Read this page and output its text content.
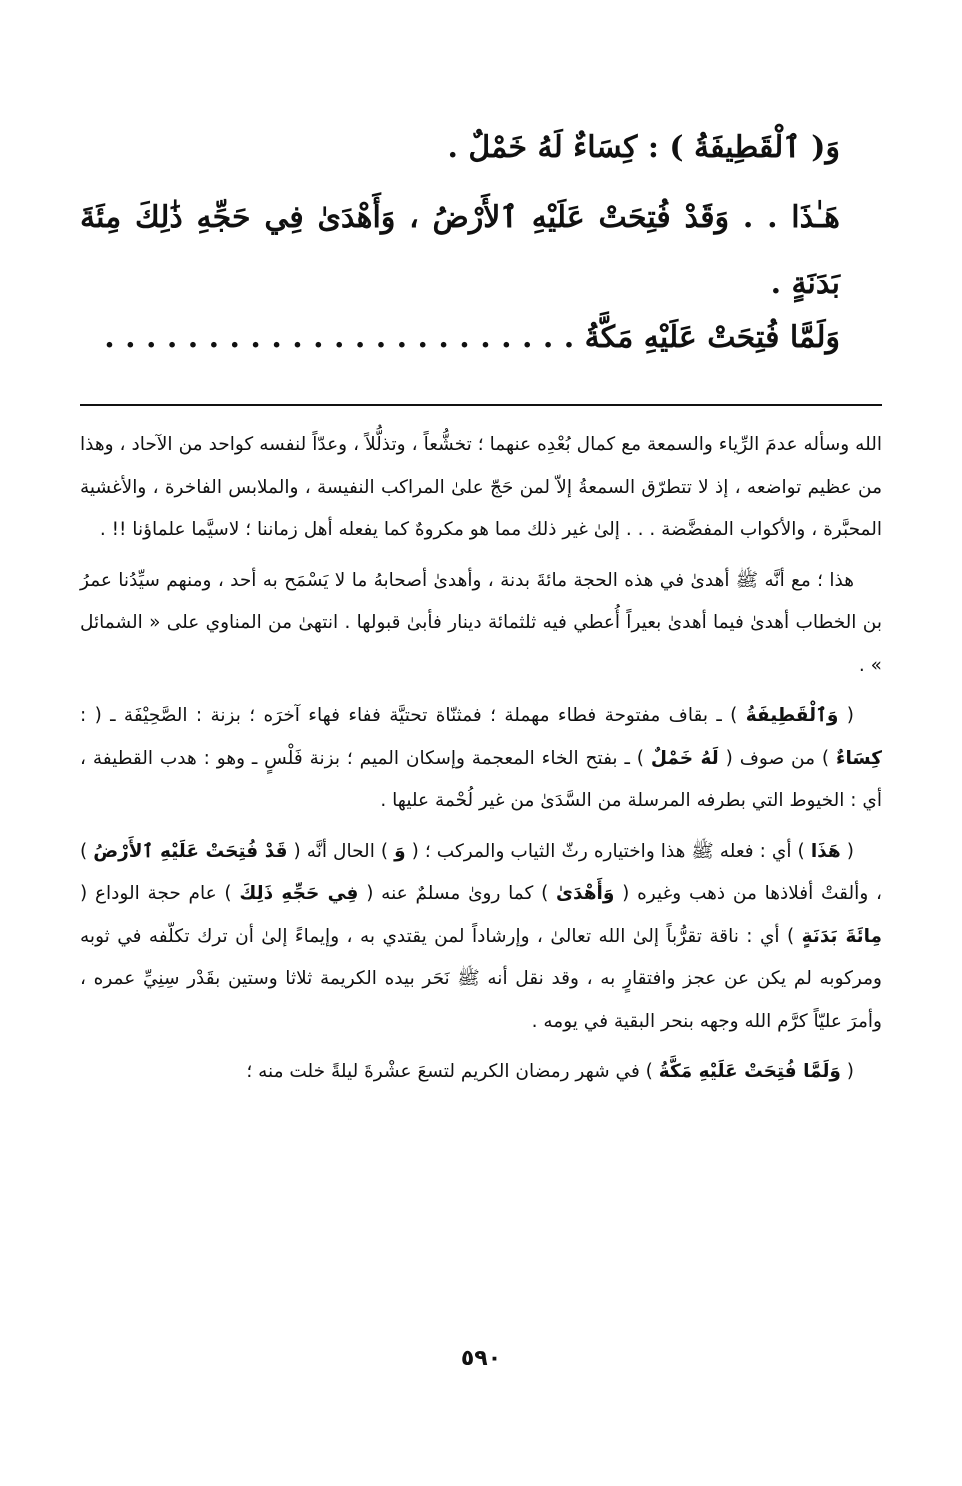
وَ( ٱلْقَطِيفَةُ ) : كِسَاءٌ لَهُ خَمْلٌ .
هَـٰذَا . . وَقَدْ فُتِحَتْ عَلَيْهِ ٱلأَرْضُ ، وَأَهْدَىٰ فِي حَجِّهِ ذَٰلِكَ مِئَةَ
بَدَنَةٍ .
وَلَمَّا فُتِحَتْ عَلَيْهِ مَكَّةُ . . . . . . . . . . . . . . . . . . . . . . .

الله وسأله عدمَ الرِّياء والسمعة مع كمال بُعْدِه عنهما ؛ تخشُّعاً ، وتذلُّلاً ، وعدّاً لنفسه كواحد من الآحاد ، وهذا من عظيم تواضعه ، إذ لا تتطرّق السمعةُ إلاّ لمن حَجّ علىٰ المراكب النفيسة ، والملابس الفاخرة ، والأغشية المحبَّرة ، والأكواب المفضَّضة . . . إلىٰ غير ذلك مما هو مكروهٌ كما يفعله أهل زماننا ؛ لاسيَّما علماؤنا !! .

هذا ؛ مع أنَّه ﷺ أهدىٰ في هذه الحجة مائةَ بدنة ، وأهدىٰ أصحابهُ ما لا يَسْمَح به أحد ، ومنهم سيِّدُنا عمرُ بن الخطاب أهدىٰ فيما أهدىٰ بعيراً أُعطي فيه ثلثمائة دينار فأبىٰ قبولها . انتهىٰ من المناوي على « الشمائل » .

( وَٱلْقَطِيفَةُ ) ـ بقاف مفتوحة فطاء مهملة ؛ فمثنّاة تحتيَّة ففاء فهاء آخرَه ؛ بزنة : الصَّحِيْفَة ـ ( : كِسَاءٌ ) من صوف ( لَهُ خَمْلٌ ) ـ بفتح الخاء المعجمة وإسكان الميم ؛ بزنة فَلْسٍ ـ وهو : هدب القطيفة ، أي : الخيوط التي بطرفه المرسلة من السَّدَىٰ من غير لُحْمة عليها .

( هَذَا ) أي : فعله ﷺ هذا واختياره رثّ الثياب والمركب ؛ ( وَ ) الحال أنَّه ( قَدْ فُتِحَتْ عَلَيْهِ ٱلأَرْضُ ) ، وألقتْ أفلاذها من ذهب وغيره ( وَأَهْدَىٰ ) كما روىٰ مسلمٌ عنه ( فِي حَجِّهِ ذَلِكَ ) عام حجة الوداع ( مِائَةَ بَدَنَةٍ ) أي : ناقة تقرُّباً إلىٰ الله تعالىٰ ، وإرشاداً لمن يقتدي به ، وإيماءً إلىٰ أن ترك تكلّفه في ثوبه ومركوبه لم يكن عن عجز وافتقارٍ به ، وقد نقل أنه ﷺ نَحَر بيده الكريمة ثلاثا وستين بقَدْر سِنِيِّ عمره ، وأمرَ عليّاً كرَّم الله وجهه بنحر البقية في يومه .

( وَلَمَّا فُتِحَتْ عَلَيْهِ مَكَّةُ ) في شهر رمضان الكريم لتسعَ عشْرةَ ليلةً خلت منه ؛

٥٩٠
